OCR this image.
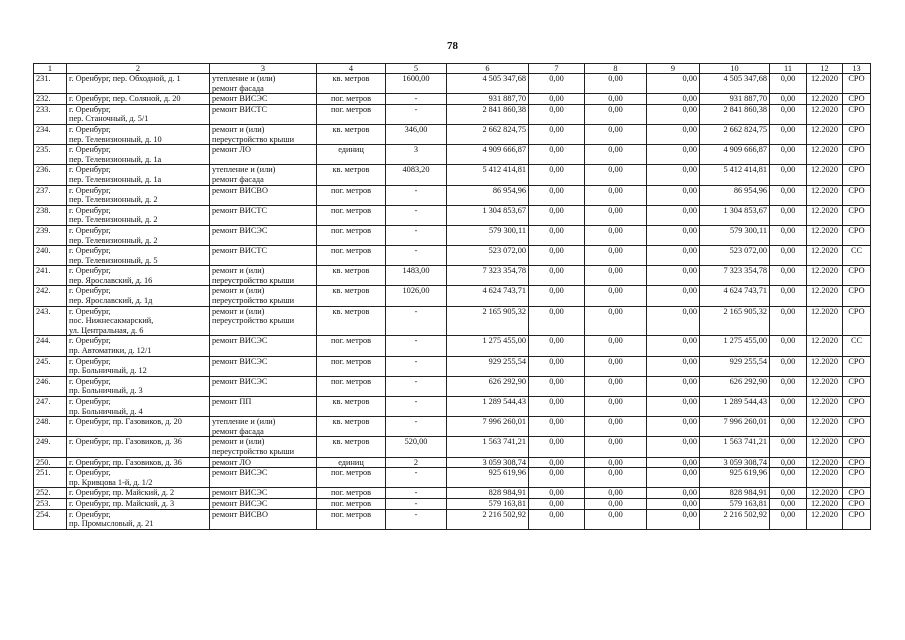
78
1	2	3	4	5	6	7	8	9	10	11	12	13
231.	г. Оренбург, пер. Обходной, д. 1	утепление и (или)
ремонт фасада	кв. метров	1600,00	4 505 347,68	0,00	0,00	0,00	4 505 347,68	0,00	12.2020	СРО
232.	г. Оренбург, пер. Соляной, д. 20	ремонт ВИСЭС	пог. метров	-	931 887,70	0,00	0,00	0,00	931 887,70	0,00	12.2020	СРО
233.	г. Оренбург,
пер. Станочный, д. 5/1	ремонт ВИСТС	пог. метров	-	2 841 860,38	0,00	0,00	0,00	2 841 860,38	0,00	12.2020	СРО
234.	г. Оренбург,
пер. Телевизионный, д. 10	ремонт и (или)
переустройство крыши	кв. метров	346,00	2 662 824,75	0,00	0,00	0,00	2 662 824,75	0,00	12.2020	СРО
235.	г. Оренбург,
пер. Телевизионный, д. 1а	ремонт ЛО	единиц	3	4 909 666,87	0,00	0,00	0,00	4 909 666,87	0,00	12.2020	СРО
236.	г. Оренбург,
пер. Телевизионный, д. 1а	утепление и (или)
ремонт фасада	кв. метров	4083,20	5 412 414,81	0,00	0,00	0,00	5 412 414,81	0,00	12.2020	СРО
237.	г. Оренбург,
пер. Телевизионный, д. 2	ремонт ВИСВО	пог. метров	-	86 954,96	0,00	0,00	0,00	86 954,96	0,00	12.2020	СРО
238.	г. Оренбург,
пер. Телевизионный, д. 2	ремонт ВИСТС	пог. метров	-	1 304 853,67	0,00	0,00	0,00	1 304 853,67	0,00	12.2020	СРО
239.	г. Оренбург,
пер. Телевизионный, д. 2	ремонт ВИСЭС	пог. метров	-	579 300,11	0,00	0,00	0,00	579 300,11	0,00	12.2020	СРО
240.	г. Оренбург,
пер. Телевизионный, д. 5	ремонт ВИСТС	пог. метров	-	523 072,00	0,00	0,00	0,00	523 072,00	0,00	12.2020	СС
241.	г. Оренбург,
пер. Ярославский, д. 16	ремонт и (или)
переустройство крыши	кв. метров	1483,00	7 323 354,78	0,00	0,00	0,00	7 323 354,78	0,00	12.2020	СРО
242.	г. Оренбург,
пер. Ярославский, д. 1д	ремонт и (или)
переустройство крыши	кв. метров	1026,00	4 624 743,71	0,00	0,00	0,00	4 624 743,71	0,00	12.2020	СРО
243.	г. Оренбург,
пос. Нижнесакмарский,
ул. Центральная, д. 6	ремонт и (или)
переустройство крыши	кв. метров	-	2 165 905,32	0,00	0,00	0,00	2 165 905,32	0,00	12.2020	СРО
244.	г. Оренбург,
пр. Автоматики, д. 12/1	ремонт ВИСЭС	пог. метров	-	1 275 455,00	0,00	0,00	0,00	1 275 455,00	0,00	12.2020	СС
245.	г. Оренбург,
пр. Больничный, д. 12	ремонт ВИСЭС	пог. метров	-	929 255,54	0,00	0,00	0,00	929 255,54	0,00	12.2020	СРО
246.	г. Оренбург,
пр. Больничный, д. 3	ремонт ВИСЭС	пог. метров	-	626 292,90	0,00	0,00	0,00	626 292,90	0,00	12.2020	СРО
247.	г. Оренбург,
пр. Больничный, д. 4	ремонт ПП	кв. метров	-	1 289 544,43	0,00	0,00	0,00	1 289 544,43	0,00	12.2020	СРО
248.	г. Оренбург, пр. Газовиков, д. 20	утепление и (или)
ремонт фасада	кв. метров	-	7 996 260,01	0,00	0,00	0,00	7 996 260,01	0,00	12.2020	СРО
249.	г. Оренбург, пр. Газовиков, д. 36	ремонт и (или)
переустройство крыши	кв. метров	520,00	1 563 741,21	0,00	0,00	0,00	1 563 741,21	0,00	12.2020	СРО
250.	г. Оренбург, пр. Газовиков, д. 36	ремонт ЛО	единиц	2	3 059 308,74	0,00	0,00	0,00	3 059 308,74	0,00	12.2020	СРО
251.	г. Оренбург,
пр. Кривцова 1-й, д. 1/2	ремонт ВИСЭС	пог. метров	-	925 619,96	0,00	0,00	0,00	925 619,96	0,00	12.2020	СРО
252.	г. Оренбург, пр. Майский, д. 2	ремонт ВИСЭС	пог. метров	-	828 984,91	0,00	0,00	0,00	828 984,91	0,00	12.2020	СРО
253.	г. Оренбург, пр. Майский, д. 3	ремонт ВИСЭС	пог. метров	-	579 163,81	0,00	0,00	0,00	579 163,81	0,00	12.2020	СРО
254.	г. Оренбург,
пр. Промысловый, д. 21	ремонт ВИСВО	пог. метров	-	2 216 502,92	0,00	0,00	0,00	2 216 502,92	0,00	12.2020	СРО
